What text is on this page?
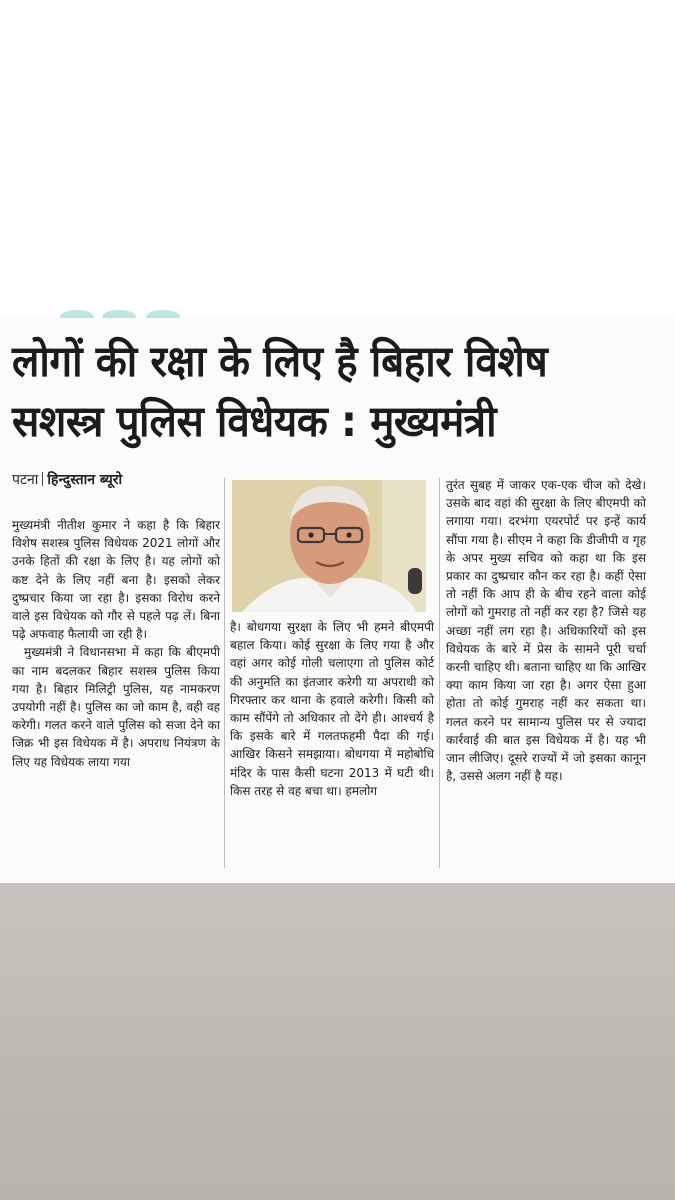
लोगों की रक्षा के लिए है बिहार विशेष
सशस्त्र पुलिस विधेयक : मुख्यमंत्री
पटना हिन्दुस्तान ब्यूरो

मुख्यमंत्री नीतीश कुमार ने कहा है कि बिहार विशेष सशस्त्र पुलिस विधेयक 2021 लोगों और उनके हितों की रक्षा के लिए है। यह लोगों को कष्ट देने के लिए नहीं बना है। इसको लेकर दुष्प्रचार किया जा रहा है। इसका विरोध करने वाले इस विधेयक को गौर से पहले पढ़ लें। बिना पढ़े अफवाह फैलायी जा रही है।

मुख्यमंत्री ने विधानसभा में कहा कि बीएमपी का नाम बदलकर बिहार सशस्त्र पुलिस किया गया है। बिहार मिलिट्री पुलिस, यह नामकरण उपयोगी नहीं है। पुलिस का जो काम है, वही वह करेगी। गलत करने वाले पुलिस को सजा देने का जिक्र भी इस विधेयक में है। अपराध नियंत्रण के लिए यह विधेयक लाया गया

है। बोधगया सुरक्षा के लिए भी हमने बीएमपी बहाल किया। कोई सुरक्षा के लिए गया है और वहां अगर कोई गोली चलाएगा तो पुलिस कोर्ट की अनुमति का इंतजार करेगी या अपराधी को गिरफ्तार कर थाना के हवाले करेगी। किसी को काम सौंपेंगे तो अधिकार तो देंगे ही। आश्चर्य है कि इसके बारे में गलतफहमी पैदा की गई। आखिर किसने समझाया। बोधगया में महोबोधि मंदिर के पास कैसी घटना 2013 में घटी थी। किस तरह से वह बचा था। हमलोग

तुरंत सुबह में जाकर एक-एक चीज को देखे। उसके बाद वहां की सुरक्षा के लिए बीएमपी को लगाया गया। दरभंगा एयरपोर्ट पर इन्हें कार्य सौंपा गया है। सीएम ने कहा कि डीजीपी व गृह के अपर मुख्य सचिव को कहा था कि इस प्रकार का दुष्प्रचार कौन कर रहा है। कहीं ऐसा तो नहीं कि आप ही के बीच रहने वाला कोई लोगों को गुमराह तो नहीं कर रहा है? जिसे यह अच्छा नहीं लग रहा है। अधिकारियों को इस विधेयक के बारे में प्रेस के सामने पूरी चर्चा करनी चाहिए थी। बताना चाहिए था कि आखिर क्या काम किया जा रहा है। अगर ऐसा हुआ होता तो कोई गुमराह नहीं कर सकता था। गलत करने पर सामान्य पुलिस पर से ज्यादा कार्रवाई की बात इस विधेयक में है। यह भी जान लीजिए। दूसरे राज्यों में जो इसका कानून है, उससे अलग नहीं है यह।
